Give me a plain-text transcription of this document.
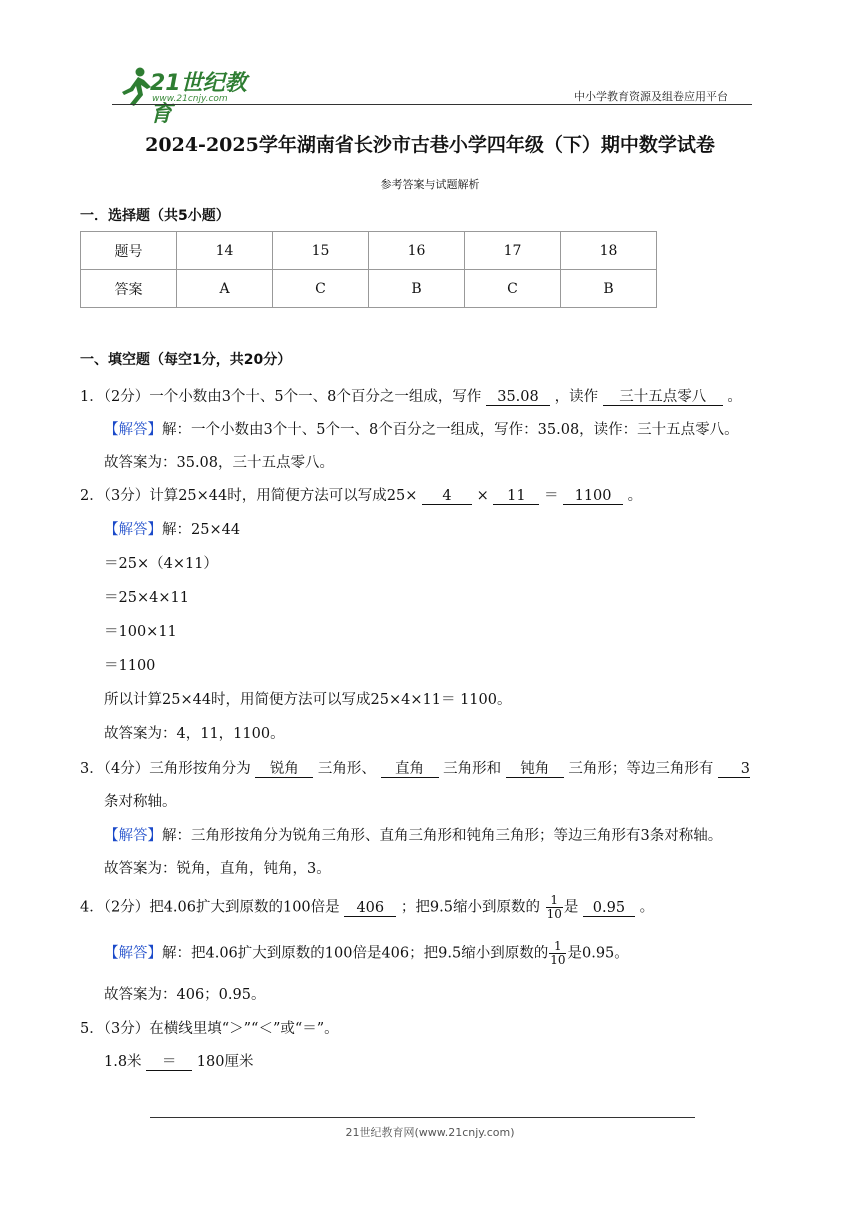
21世纪教育
www.21cnjy.com	中小学教育资源及组卷应用平台
2024-2025学年湖南省长沙市古巷小学四年级（下）期中数学试卷
参考答案与试题解析
一．选择题（共5小题）
题号	14	15	16	17	18
答案	A	C	B	C	B
一、填空题（每空1分，共20分）
1．（2分）一个小数由3个十、5个一、8个百分之一组成，写作 35.08 ，读作 三十五点零八 。
【解答】解：一个小数由3个十、5个一、8个百分之一组成，写作：35.08，读作：三十五点零八。
故答案为：35.08，三十五点零八。
2．（3分）计算25×44时，用简便方法可以写成25× 4 × 11 ＝ 1100 。
【解答】解：25×44
＝25×（4×11）
＝25×4×11
＝100×11
＝1100
所以计算25×44时，用简便方法可以写成25×4×11＝ 1100。
故答案为：4，11，1100。
3．（4分）三角形按角分为 锐角 三角形、 直角 三角形和 钝角 三角形；等边三角形有 3
条对称轴。
【解答】解：三角形按角分为锐角三角形、直角三角形和钝角三角形；等边三角形有3条对称轴。
故答案为：锐角，直角，钝角，3。
4．（2分）把4.06扩大到原数的100倍是 406 ；把9.5缩小到原数的 $\frac{1}{10}$ 是 0.95 。
【解答】解：把4.06扩大到原数的100倍是406；把9.5缩小到原数的 $\frac{1}{10}$ 是0.95。
故答案为：406；0.95。
5．（3分）在横线里填“＞”“＜”或“＝”。
1.8米 ＝ 180厘米
21世纪教育网(www.21cnjy.com)
